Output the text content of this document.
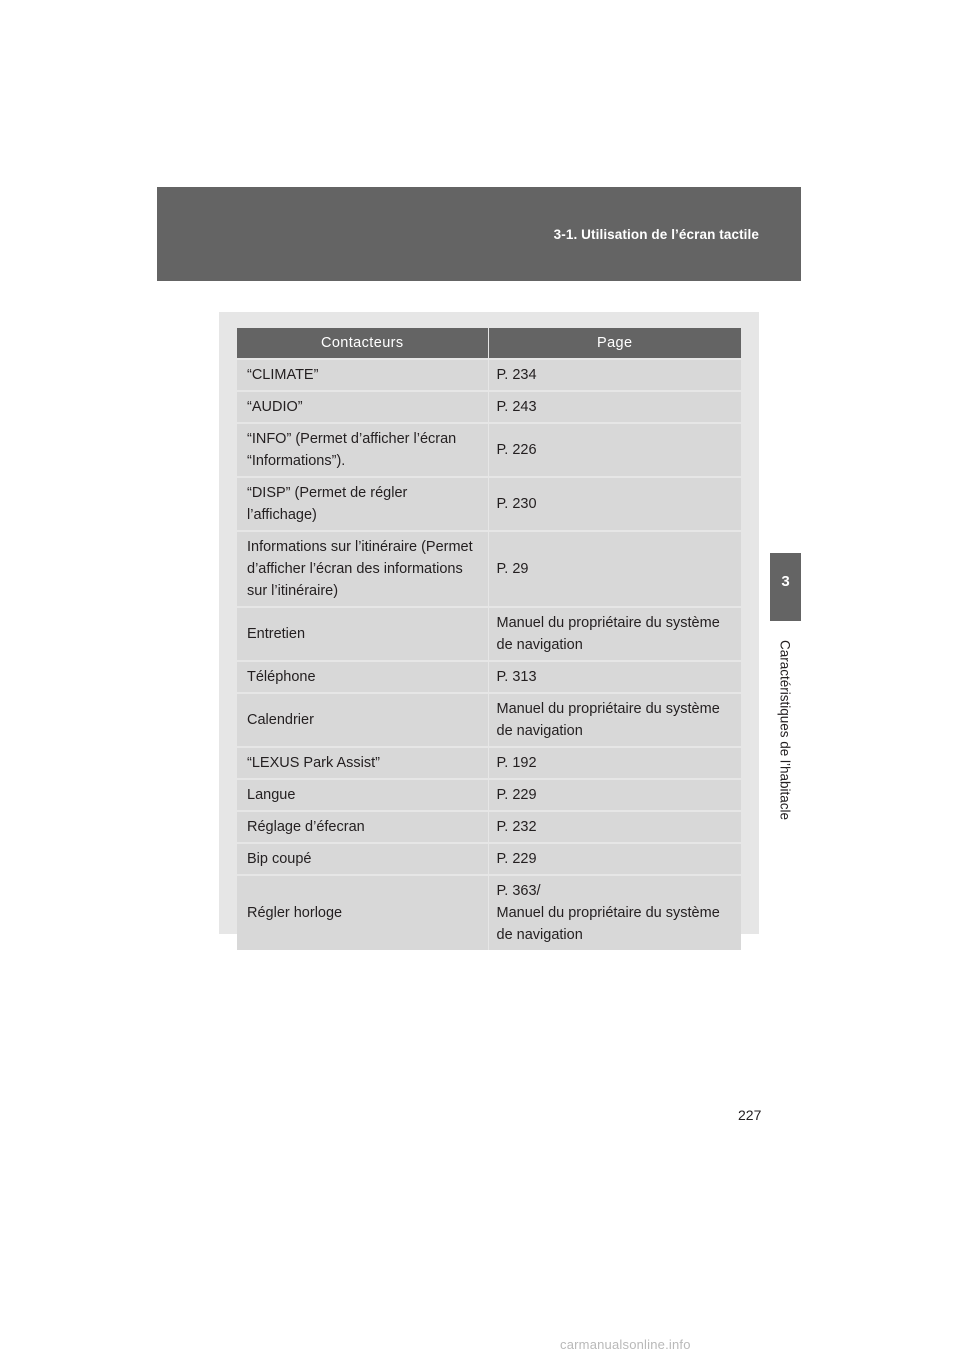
3-1. Utilisation de l’écran tactile
3
Caractéristiques de l’habitacle
Contacteurs	Page
“CLIMATE”	P. 234
“AUDIO”	P. 243
“INFO” (Permet d’afficher l’écran
“Informations”).	P. 226
“DISP” (Permet de régler l’affichage)	P. 230
Informations sur l’itinéraire (Permet
d’afficher l’écran des informations
sur l’itinéraire)	P. 29
Entretien	Manuel du propriétaire du système
de navigation
Téléphone	P. 313
Calendrier	Manuel du propriétaire du système
de navigation
“LEXUS Park Assist”	P. 192
Langue	P. 229
Réglage d’éfecran	P. 232
Bip coupé	P. 229
Régler horloge	P. 363/
Manuel du propriétaire du système
de navigation
227
carmanualsonline.info
